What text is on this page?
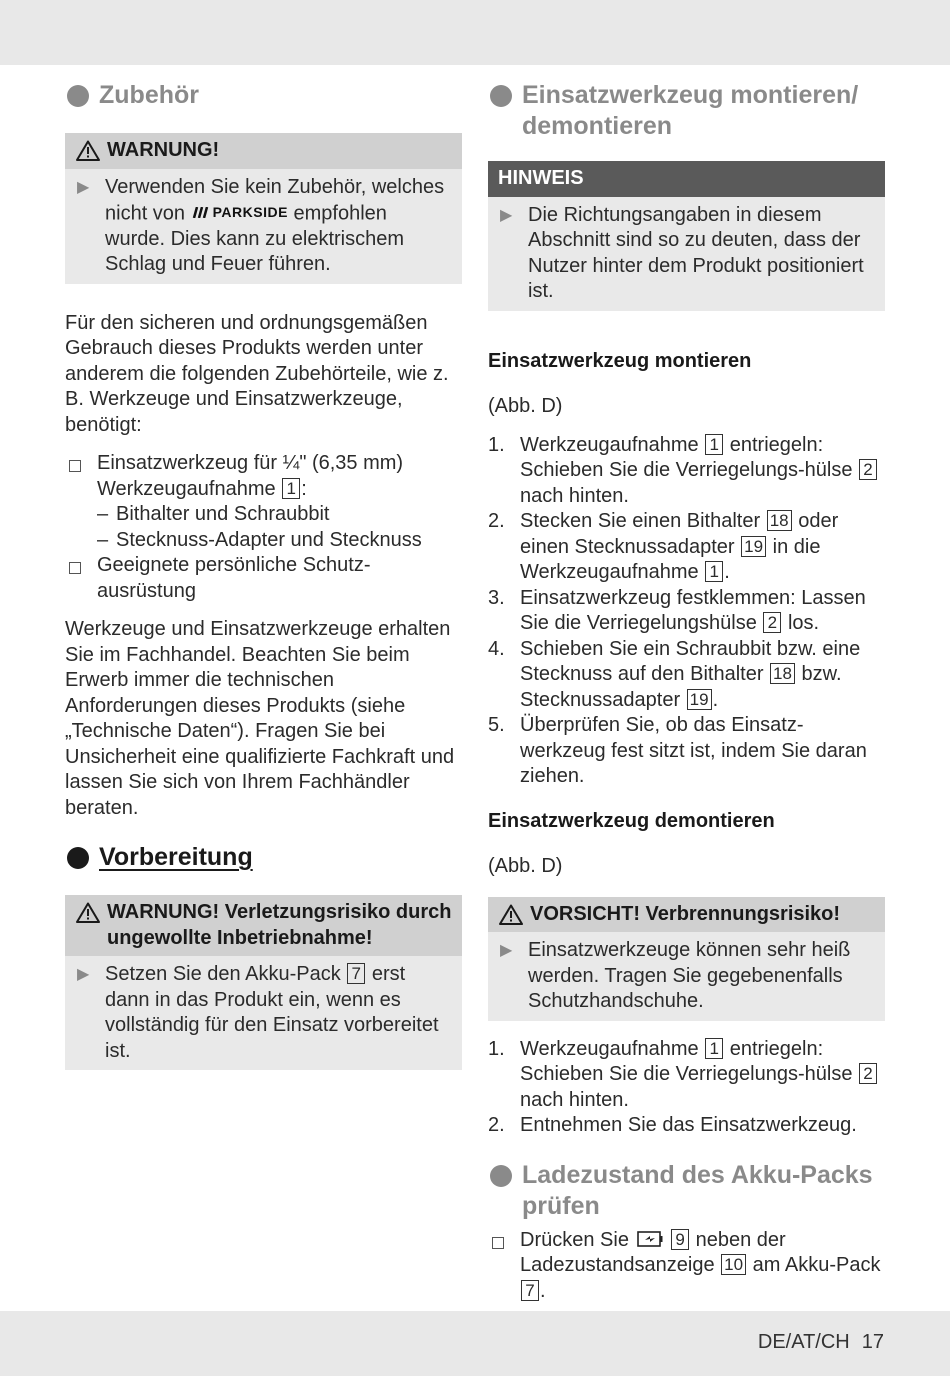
Zubehör
WARNUNG!
▶ Verwenden Sie kein Zubehör, welches nicht von PARKSIDE empfohlen wurde. Dies kann zu elektrischem Schlag und Feuer führen.

Für den sicheren und ordnungsgemäßen Gebrauch dieses Produkts werden unter anderem die folgenden Zubehörteile, wie z. B. Werkzeuge und Einsatzwerkzeuge, benötigt:

Einsatzwerkzeug für ¼" (6,35 mm) Werkzeugaufnahme 1 :
– Bithalter und Schraubbit
– Stecknuss-Adapter und Stecknuss
Geeignete persönliche Schutz-ausrüstung

Werkzeuge und Einsatzwerkzeuge erhalten Sie im Fachhandel. Beachten Sie beim Erwerb immer die technischen Anforderungen dieses Produkts (siehe „Technische Daten“). Fragen Sie bei Unsicherheit eine qualifizierte Fachkraft und lassen Sie sich von Ihrem Fachhändler beraten.

Vorbereitung
WARNUNG! Verletzungsrisiko durch ungewollte Inbetriebnahme!
▶ Setzen Sie den Akku-Pack 7 erst dann in das Produkt ein, wenn es vollständig für den Einsatz vorbereitet ist.
Einsatzwerkzeug montieren/ demontieren
HINWEIS
▶ Die Richtungsangaben in diesem Abschnitt sind so zu deuten, dass der Nutzer hinter dem Produkt positioniert ist.

Einsatzwerkzeug montieren

(Abb. D)

1. Werkzeugaufnahme 1 entriegeln: Schieben Sie die Verriegelungs-hülse 2 nach hinten.
2. Stecken Sie einen Bithalter 18 oder einen Stecknussadapter 19 in die Werkzeugaufnahme 1 .
3. Einsatzwerkzeug festklemmen: Lassen Sie die Verriegelungshülse 2 los.
4. Schieben Sie ein Schraubbit bzw. eine Stecknuss auf den Bithalter 18 bzw. Stecknussadapter 19 .
5. Überprüfen Sie, ob das Einsatz-werkzeug fest sitzt ist, indem Sie daran ziehen.

Einsatzwerkzeug demontieren

(Abb. D)

VORSICHT! Verbrennungsrisiko!
▶ Einsatzwerkzeuge können sehr heiß werden. Tragen Sie gegebenenfalls Schutzhandschuhe.
1. Werkzeugaufnahme 1 entriegeln: Schieben Sie die Verriegelungs-hülse 2 nach hinten.
2. Entnehmen Sie das Einsatzwerkzeug.
Ladezustand des Akku-Packs prüfen
Drücken Sie	9 neben der Ladezustandsanzeige 10 am Akku-Pack 7 .
DE/AT/CH 17
